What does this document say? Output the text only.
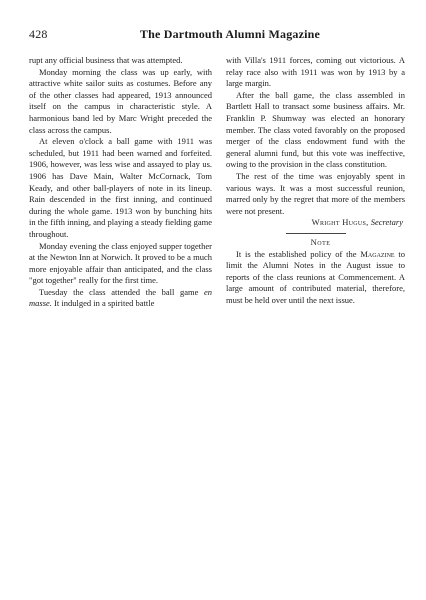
428	The Dartmouth Alumni Magazine

rupt any official business that was attempted.

Monday morning the class was up early, with attractive white sailor suits as costumes. Before any of the other classes had appeared, 1913 announced itself on the campus in characteristic style. A harmonious band led by Marc Wright preceded the class across the campus.

At eleven o'clock a ball game with 1911 was scheduled, but 1911 had been warned and forfeited. 1906, however, was less wise and assayed to play us. 1906 has Dave Main, Walter McCornack, Tom Keady, and other ball-players of note in its lineup. Rain descended in the first inning, and continued during the whole game. 1913 won by bunching hits in the fifth inning, and playing a steady fielding game throughout.

Monday evening the class enjoyed supper together at the Newton Inn at Norwich. It proved to be a much more enjoyable affair than anticipated, and the class "got together" really for the first time.

Tuesday the class attended the ball game en masse. It indulged in a spirited battle

with Villa's 1911 forces, coming out victorious. A relay race also with 1911 was won by 1913 by a large margin.

After the ball game, the class assembled in Bartlett Hall to transact some business affairs. Mr. Franklin P. Shumway was elected an honorary member. The class voted favorably on the proposed merger of the class endowment fund with the general alumni fund, but this vote was ineffective, owing to the provision in the class constitution.

The rest of the time was enjoyably spent in various ways. It was a most successful reunion, marred only by the regret that more of the members were not present.

Wright Hugus, Secretary

Note

It is the established policy of the Magazine to limit the Alumni Notes in the August issue to reports of the class reunions at Commencement. A large amount of contributed material, therefore, must be held over until the next issue.
